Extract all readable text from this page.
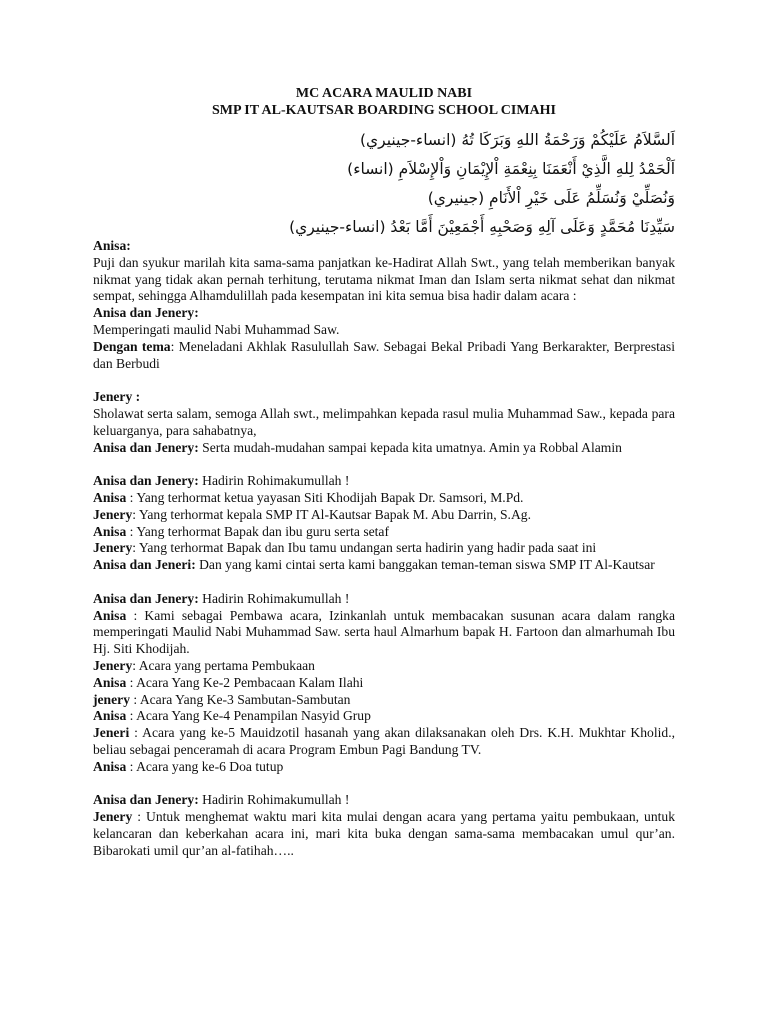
MC ACARA MAULID NABI
SMP IT AL-KAUTSAR BOARDING SCHOOL CIMAHI
اَلسَّلاَمُ عَلَيْكُمْ وَرَحْمَةُ اللهِ وَبَرَكَا تُهُ (انساء-جينيري)
اَلْحَمْدُ لِلهِ الَّذِيْ أَنْعَمَنَا بِنِعْمَةِ اْلإِيْمَانِ وَاْلإِسْلاَمِ (انساء)
وَنُصَلِّيْ وَنُسَلِّمُ عَلَى خَيْرِ اْلأَنَامِ (جينيري)
سَيِّدِنَا مُحَمَّدٍ وَعَلَى آلِهِ وَصَحْبِهِ أَجْمَعِيْنَ أَمَّا بَعْدُ (انساء-جينيري)
Anisa:
Puji dan syukur marilah kita sama-sama panjatkan ke-Hadirat Allah Swt., yang telah memberikan banyak nikmat yang tidak akan pernah terhitung, terutama nikmat Iman dan Islam serta nikmat sehat dan nikmat sempat, sehingga Alhamdulillah pada kesempatan ini kita semua bisa hadir dalam acara :
Anisa dan Jenery:
Memperingati maulid Nabi Muhammad Saw.
Dengan tema: Meneladani Akhlak Rasulullah Saw. Sebagai Bekal Pribadi Yang Berkarakter, Berprestasi dan Berbudi
Jenery :
Sholawat serta salam, semoga Allah swt., melimpahkan kepada rasul mulia Muhammad Saw., kepada para keluarganya, para sahabatnya,
Anisa dan Jenery: Serta mudah-mudahan sampai kepada kita umatnya. Amin ya Robbal Alamin
Anisa dan Jenery: Hadirin Rohimakumullah !
Anisa : Yang terhormat ketua yayasan Siti Khodijah Bapak Dr. Samsori, M.Pd.
Jenery: Yang terhormat kepala SMP IT Al-Kautsar Bapak M. Abu Darrin, S.Ag.
Anisa : Yang terhormat Bapak dan ibu guru serta setaf
Jenery: Yang terhormat Bapak dan Ibu tamu undangan serta hadirin yang hadir pada saat ini
Anisa dan Jeneri: Dan yang kami cintai serta kami banggakan teman-teman siswa SMP IT Al-Kautsar
Anisa dan Jenery: Hadirin Rohimakumullah !
Anisa : Kami sebagai Pembawa acara, Izinkanlah untuk membacakan susunan acara dalam rangka memperingati Maulid Nabi Muhammad Saw. serta haul Almarhum bapak H. Fartoon dan almarhumah Ibu Hj. Siti Khodijah.
Jenery: Acara yang pertama Pembukaan
Anisa : Acara Yang Ke-2 Pembacaan Kalam Ilahi
jenery : Acara Yang Ke-3 Sambutan-Sambutan
Anisa : Acara Yang Ke-4 Penampilan Nasyid Grup
Jeneri : Acara yang ke-5 Mauidzotil hasanah yang akan dilaksanakan oleh Drs. K.H. Mukhtar Kholid., beliau sebagai penceramah di acara Program Embun Pagi Bandung TV.
Anisa : Acara yang ke-6 Doa tutup
Anisa dan Jenery: Hadirin Rohimakumullah !
Jenery : Untuk menghemat waktu mari kita mulai dengan acara yang pertama yaitu pembukaan, untuk kelancaran dan keberkahan acara ini, mari kita buka dengan sama-sama membacakan umul qur’an. Bibarokati umil qur’an al-fatihah…..
